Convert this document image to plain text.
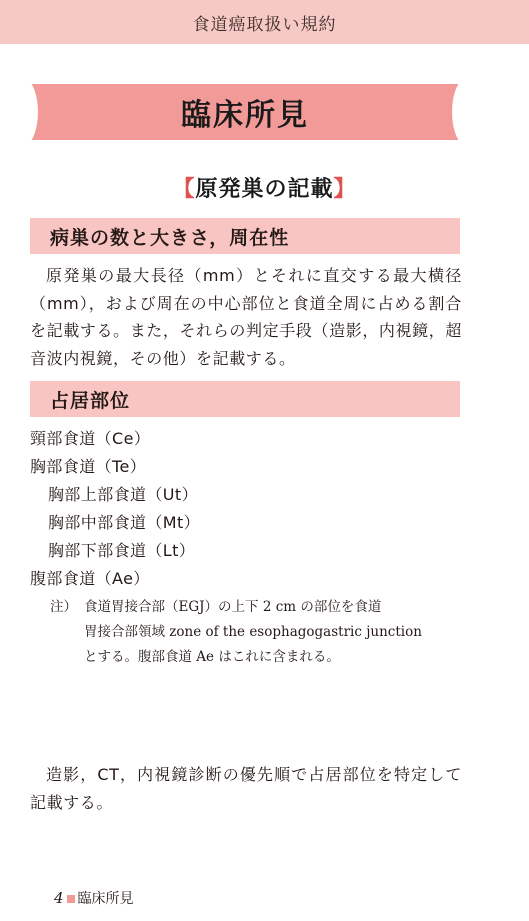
食道癌取扱い規約
臨床所見
【原発巣の記載】
病巣の数と大きさ，周在性
原発巣の最大長径（mm）とそれに直交する最大横径（mm），および周在の中心部位と食道全周に占める割合を記載する。また，それらの判定手段（造影，内視鏡，超音波内視鏡，その他）を記載する。
占居部位
頸部食道（Ce）
胸部食道（Te）
胸部上部食道（Ut）
胸部中部食道（Mt）
胸部下部食道（Lt）
腹部食道（Ae）
注） 食道胃接合部（EGJ）の上下 2 cm の部位を食道
胃接合部領域 zone of the esophagogastric junction
とする。腹部食道 Ae はこれに含まれる。
造影，CT，内視鏡診断の優先順で占居部位を特定して記載する。
4 臨床所見
